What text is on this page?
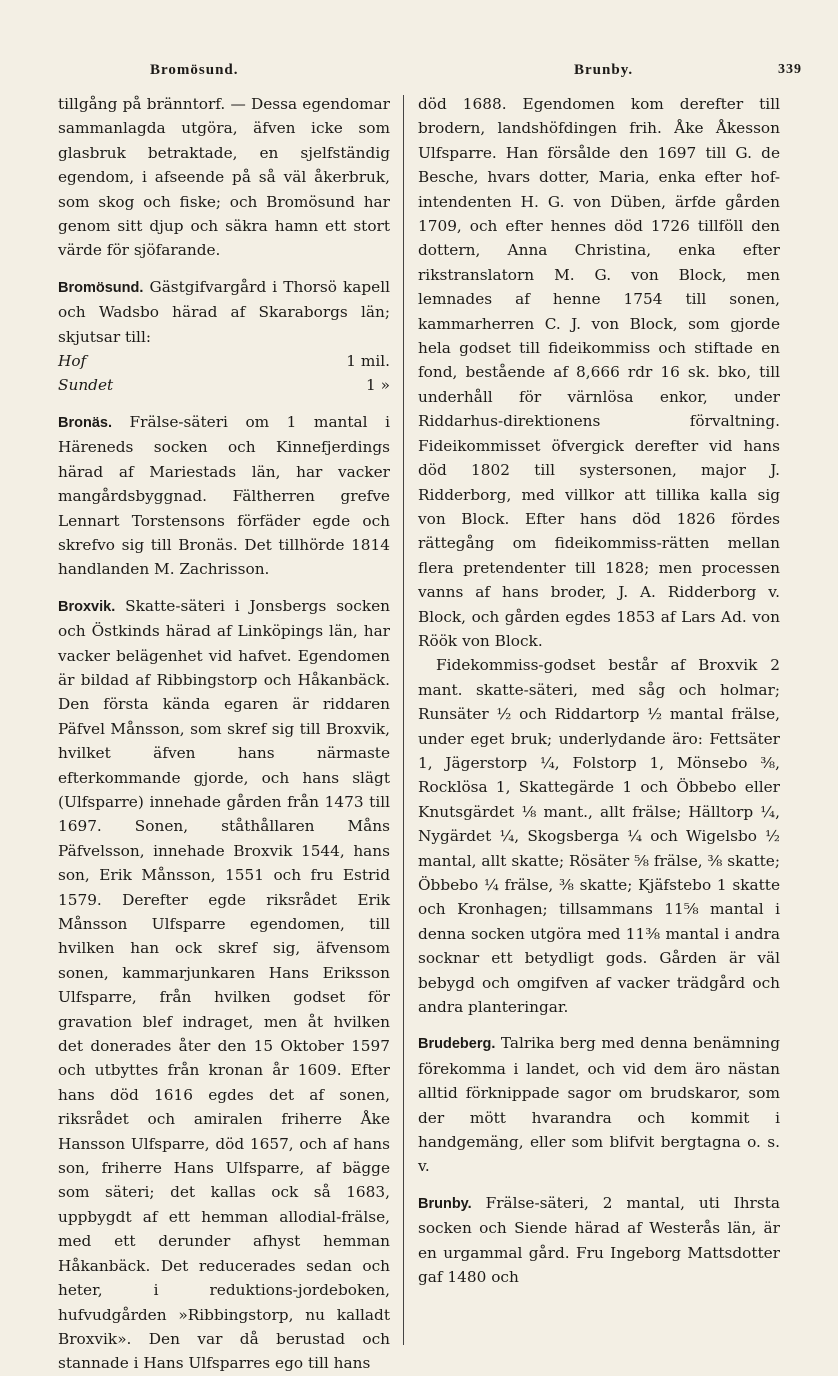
Bromösund.	Brunby.	339

tillgång på bränntorf. — Dessa egendomar sammanlagda utgöra, äfven icke som glasbruk betraktade, en sjelfständig egendom, i afseende på så väl åkerbruk, som skog och fiske; och Bromösund har genom sitt djup och säkra hamn ett stort värde för sjöfarande.

Bromösund. Gästgifvargård i Thorsö kapell och Wadsbo härad af Skaraborgs län; skjutsar till:

Hof	1 mil.
Sundet	1 »

Bronäs. Frälse-säteri om 1 mantal i Häreneds socken och Kinnefjerdings härad af Mariestads län, har vacker mangårdsbyggnad. Fältherren grefve Lennart Torstensons förfäder egde och skrefvo sig till Bronäs. Det tillhörde 1814 handlanden M. Zachrisson.

Broxvik. Skatte-säteri i Jonsbergs socken och Östkinds härad af Linköpings län, har vacker belägenhet vid hafvet. Egendomen är bildad af Ribbingstorp och Håkanbäck. Den första kända egaren är riddaren Päfvel Månsson, som skref sig till Broxvik, hvilket äfven hans närmaste efterkommande gjorde, och hans slägt (Ulfsparre) innehade gården från 1473 till 1697. Sonen, ståthållaren Måns Päfvelsson, innehade Broxvik 1544, hans son, Erik Månsson, 1551 och fru Estrid 1579. Derefter egde riksrådet Erik Månsson Ulfsparre egendomen, till hvilken han ock skref sig, äfvensom sonen, kammarjunkaren Hans Eriksson Ulfsparre, från hvilken godset för gravation blef indraget, men åt hvilken det donerades åter den 15 Oktober 1597 och utbyttes från kronan år 1609. Efter hans död 1616 egdes det af sonen, riksrådet och amiralen friherre Åke Hansson Ulfsparre, död 1657, och af hans son, friherre Hans Ulfsparre, af bägge som säteri; det kallas ock så 1683, uppbygdt af ett hemman allodial-frälse, med ett derunder afhyst hemman Håkanbäck. Det reducerades sedan och heter, i reduktions-jordeboken, hufvudgården »Ribbingstorp, nu kalladt Broxvik». Den var då berustad och stannade i Hans Ulfsparres ego till hans

död 1688. Egendomen kom derefter till brodern, landshöfdingen frih. Åke Åkesson Ulfsparre. Han försålde den 1697 till G. de Besche, hvars dotter, Maria, enka efter hof-intendenten H. G. von Düben, ärfde gården 1709, och efter hennes död 1726 tillföll den dottern, Anna Christina, enka efter rikstranslatorn M. G. von Block, men lemnades af henne 1754 till sonen, kammarherren C. J. von Block, som gjorde hela godset till fideikommiss och stiftade en fond, bestående af 8,666 rdr 16 sk. bko, till underhåll för värnlösa enkor, under Riddarhus-direktionens förvaltning. Fideikommisset öfvergick derefter vid hans död 1802 till systersonen, major J. Ridderborg, med villkor att tillika kalla sig von Block. Efter hans död 1826 fördes rättegång om fideikommiss-rätten mellan flera pretendenter till 1828; men processen vanns af hans broder, J. A. Ridderborg v. Block, och gården egdes 1853 af Lars Ad. von Röök von Block.

Fidekommiss-godset består af Broxvik 2 mant. skatte-säteri, med såg och holmar; Runsäter ½ och Riddartorp ½ mantal frälse, under eget bruk; underlydande äro: Fettsäter 1, Jägerstorp ¼, Folstorp 1, Mönsebo ⅜, Rocklösa 1, Skattegärde 1 och Öbbebo eller Knutsgärdet ⅛ mant., allt frälse; Hälltorp ¼, Nygärdet ¼, Skogsberga ¼ och Wigelsbo ½ mantal, allt skatte; Rösäter ⅝ frälse, ⅜ skatte; Öbbebo ¼ frälse, ⅜ skatte; Kjäfstebo 1 skatte och Kronhagen; tillsammans 11⅝ mantal i denna socken utgöra med 11⅜ mantal i andra socknar ett betydligt gods. Gården är väl bebygd och omgifven af vacker trädgård och andra planteringar.

Brudeberg. Talrika berg med denna benämning förekomma i landet, och vid dem äro nästan alltid förknippade sagor om brudskaror, som der mött hvarandra och kommit i handgemäng, eller som blifvit bergtagna o. s. v.

Brunby. Frälse-säteri, 2 mantal, uti Ihrsta socken och Siende härad af Westerås län, är en urgammal gård. Fru Ingeborg Mattsdotter gaf 1480 och
